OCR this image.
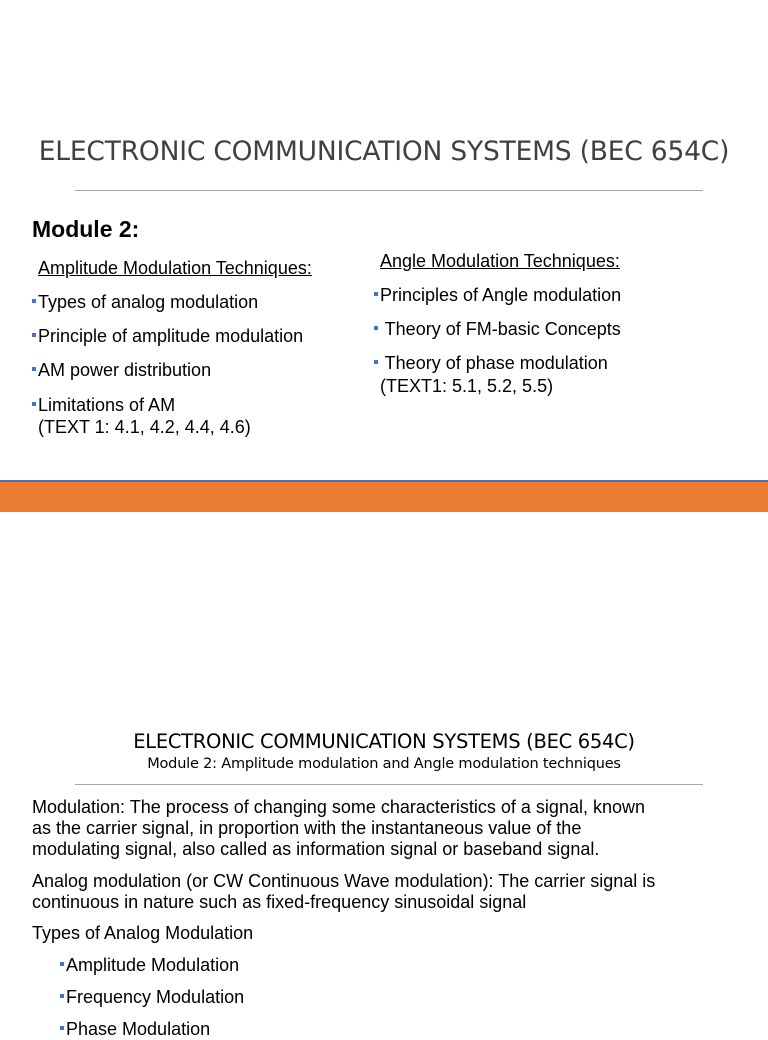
ELECTRONIC COMMUNICATION SYSTEMS (BEC 654C)
Module 2:
Amplitude Modulation Techniques:
Types of analog modulation
Principle of amplitude modulation
AM power distribution
Limitations of AM
(TEXT 1: 4.1, 4.2, 4.4, 4.6)
Angle Modulation Techniques:
Principles of Angle modulation
Theory of FM-basic Concepts
Theory of phase modulation
(TEXT1: 5.1, 5.2, 5.5)
ELECTRONIC COMMUNICATION SYSTEMS (BEC 654C)
Module 2: Amplitude modulation and Angle modulation techniques
Modulation: The process of changing some characteristics of a signal, known
as the carrier signal, in proportion with the instantaneous value of the
modulating signal, also called as information signal or baseband signal.
Analog modulation (or CW Continuous Wave modulation): The carrier signal is
continuous in nature such as fixed-frequency sinusoidal signal
Types of Analog Modulation
Amplitude Modulation
Frequency Modulation
Phase Modulation
